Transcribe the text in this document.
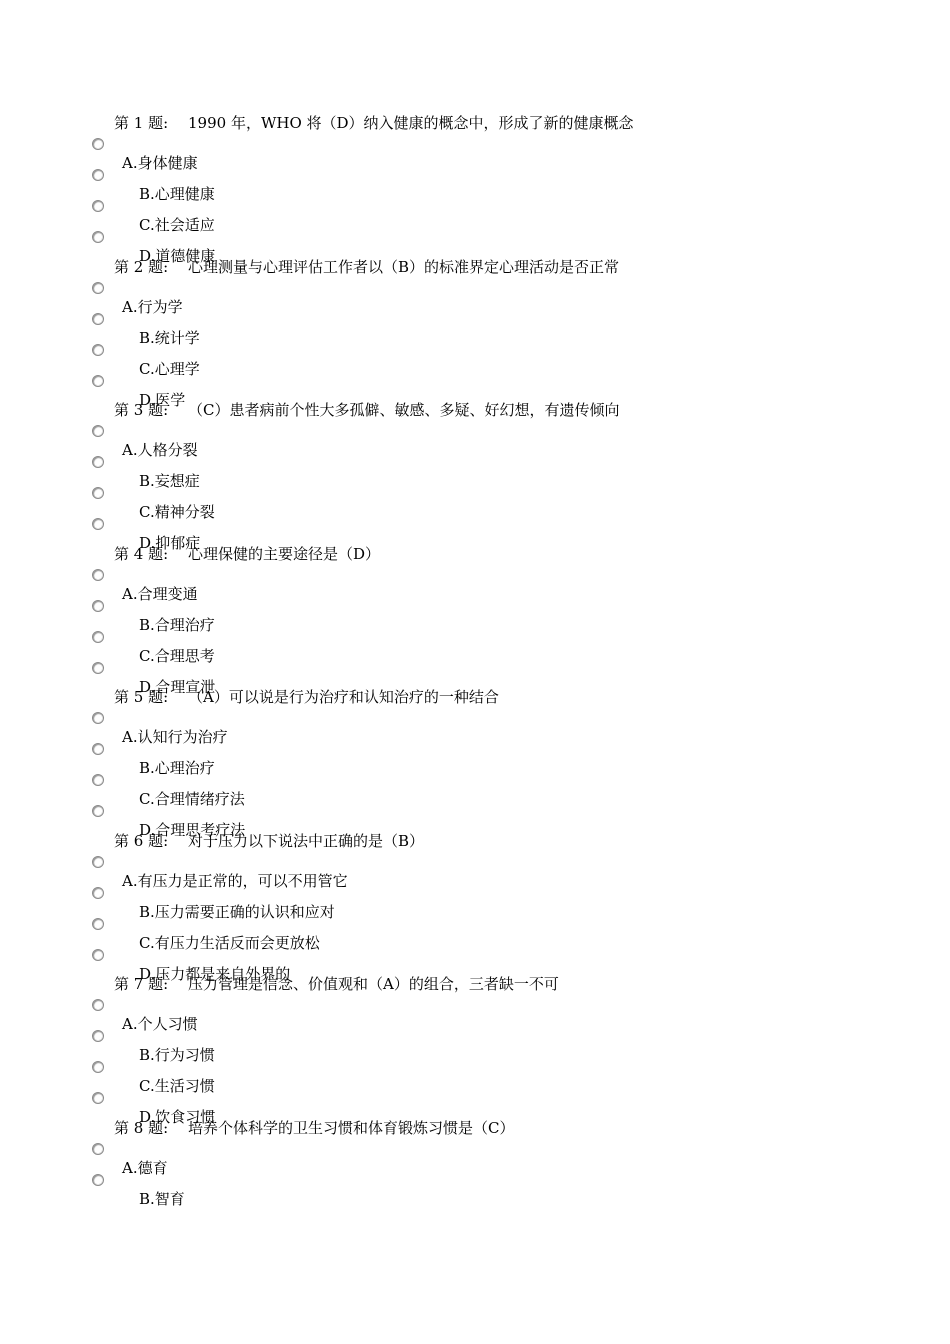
第 1 题: 1990 年，WHO 将（D）纳入健康的概念中，形成了新的健康概念
A.身体健康
B.心理健康
C.社会适应
D.道德健康
第 2 题: 心理测量与心理评估工作者以（B）的标准界定心理活动是否正常
A.行为学
B.统计学
C.心理学
D.医学
第 3 题: （C）患者病前个性大多孤僻、敏感、多疑、好幻想，有遗传倾向
A.人格分裂
B.妄想症
C.精神分裂
D.抑郁症
第 4 题: 心理保健的主要途径是（D）
A.合理变通
B.合理治疗
C.合理思考
D.合理宣泄
第 5 题: （A）可以说是行为治疗和认知治疗的一种结合
A.认知行为治疗
B.心理治疗
C.合理情绪疗法
D.合理思考疗法
第 6 题: 对于压力以下说法中正确的是（B）
A.有压力是正常的，可以不用管它
B.压力需要正确的认识和应对
C.有压力生活反而会更放松
D.压力都是来自外界的
第 7 题: 压力管理是信念、价值观和（A）的组合，三者缺一不可
A.个人习惯
B.行为习惯
C.生活习惯
D.饮食习惯
第 8 题: 培养个体科学的卫生习惯和体育锻炼习惯是（C）
A.德育
B.智育
